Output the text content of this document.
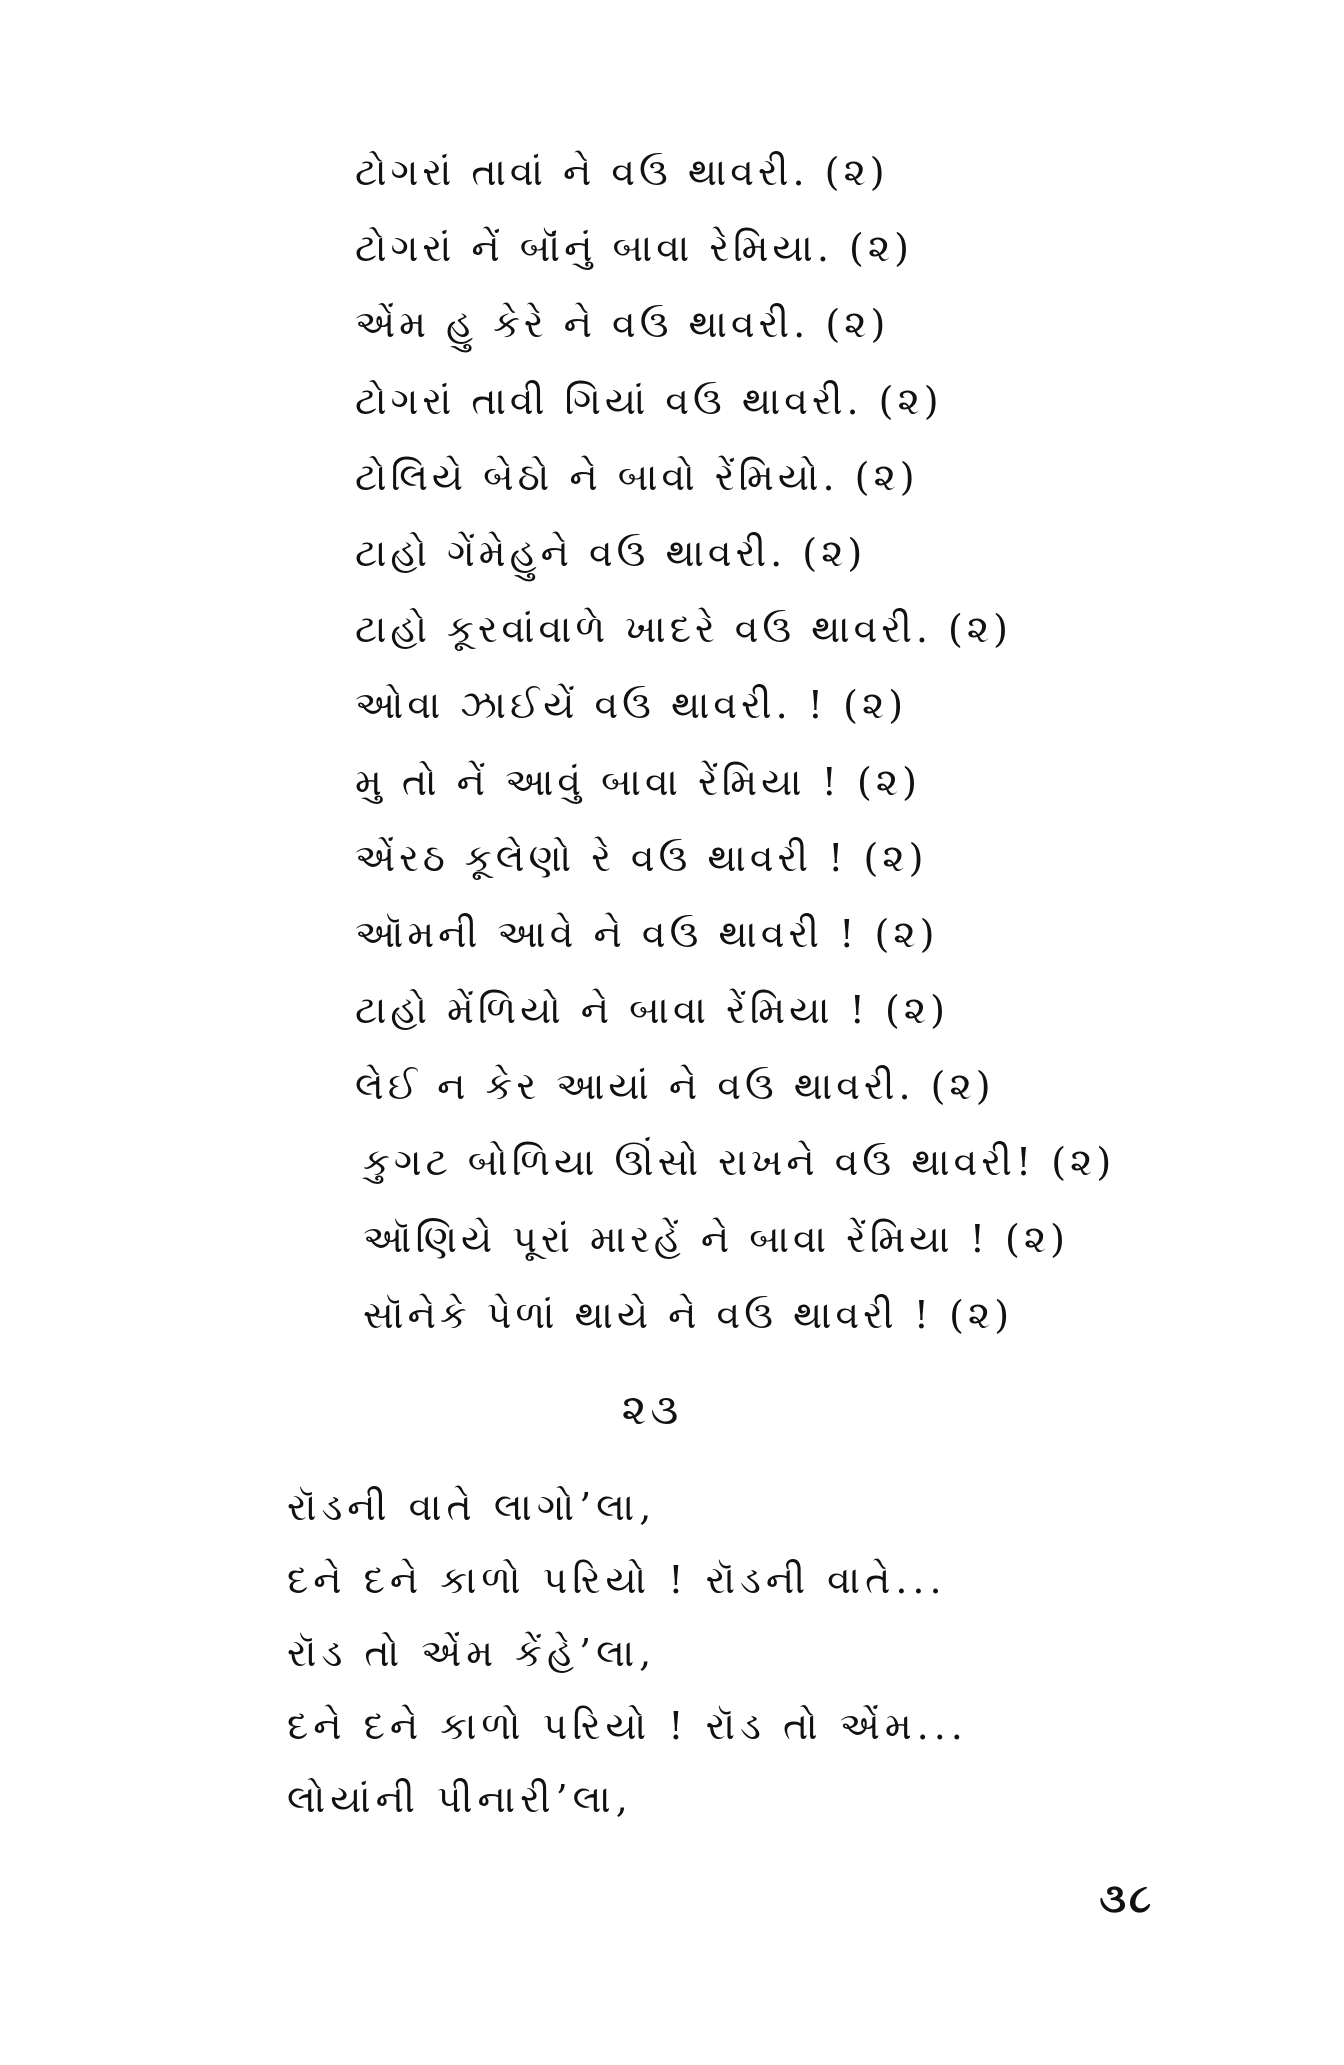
ટોગરાં તાવાં ને વઉ થાવરી. (૨)
ટોગરાં નેં બૉંનું બાવા રેમિયા. (૨)
એંમ હુ કેરે ને વઉ થાવરી. (૨)
ટોગરાં તાવી ગિયાં વઉ થાવરી. (૨)
ટોલિયે બેઠો ને બાવો રેંમિયો. (૨)
ટાહો ગેંમેહુને વઉ થાવરી. (૨)
ટાહો કૂરવાંવાળે ખાદરે વઉ થાવરી. (૨)
ઓવા ઝાઈયેં વઉ થાવરી. ! (૨)
મુ તો નેં આવું બાવા રેંમિયા ! (૨)
એંરઠ કૂલેણો રે વઉ થાવરી ! (૨)
ઑમની આવે ને વઉ થાવરી ! (૨)
ટાહો મેંળિયો ને બાવા રેંમિયા ! (૨)
લેઈ ન કેર આયાં ને વઉ થાવરી. (૨)
કુગટ બોળિયા ઊંસો રાખને વઉ થાવરી! (૨)
ઑણિયે પૂરાં મારહેં ને બાવા રેંમિયા ! (૨)
સૉનેકે પેળાં થાયે ને વઉ થાવરી ! (૨)
૨૩
રૉડની વાતે લાગો’લા,
દને દને કાળો પરિયો ! રૉડની વાતે...
રૉડ તો એંમ કેંહે’લા,
દને દને કાળો પરિયો ! રૉડ તો એંમ...
લોયાંની પીનારી’લા,
૩૮
